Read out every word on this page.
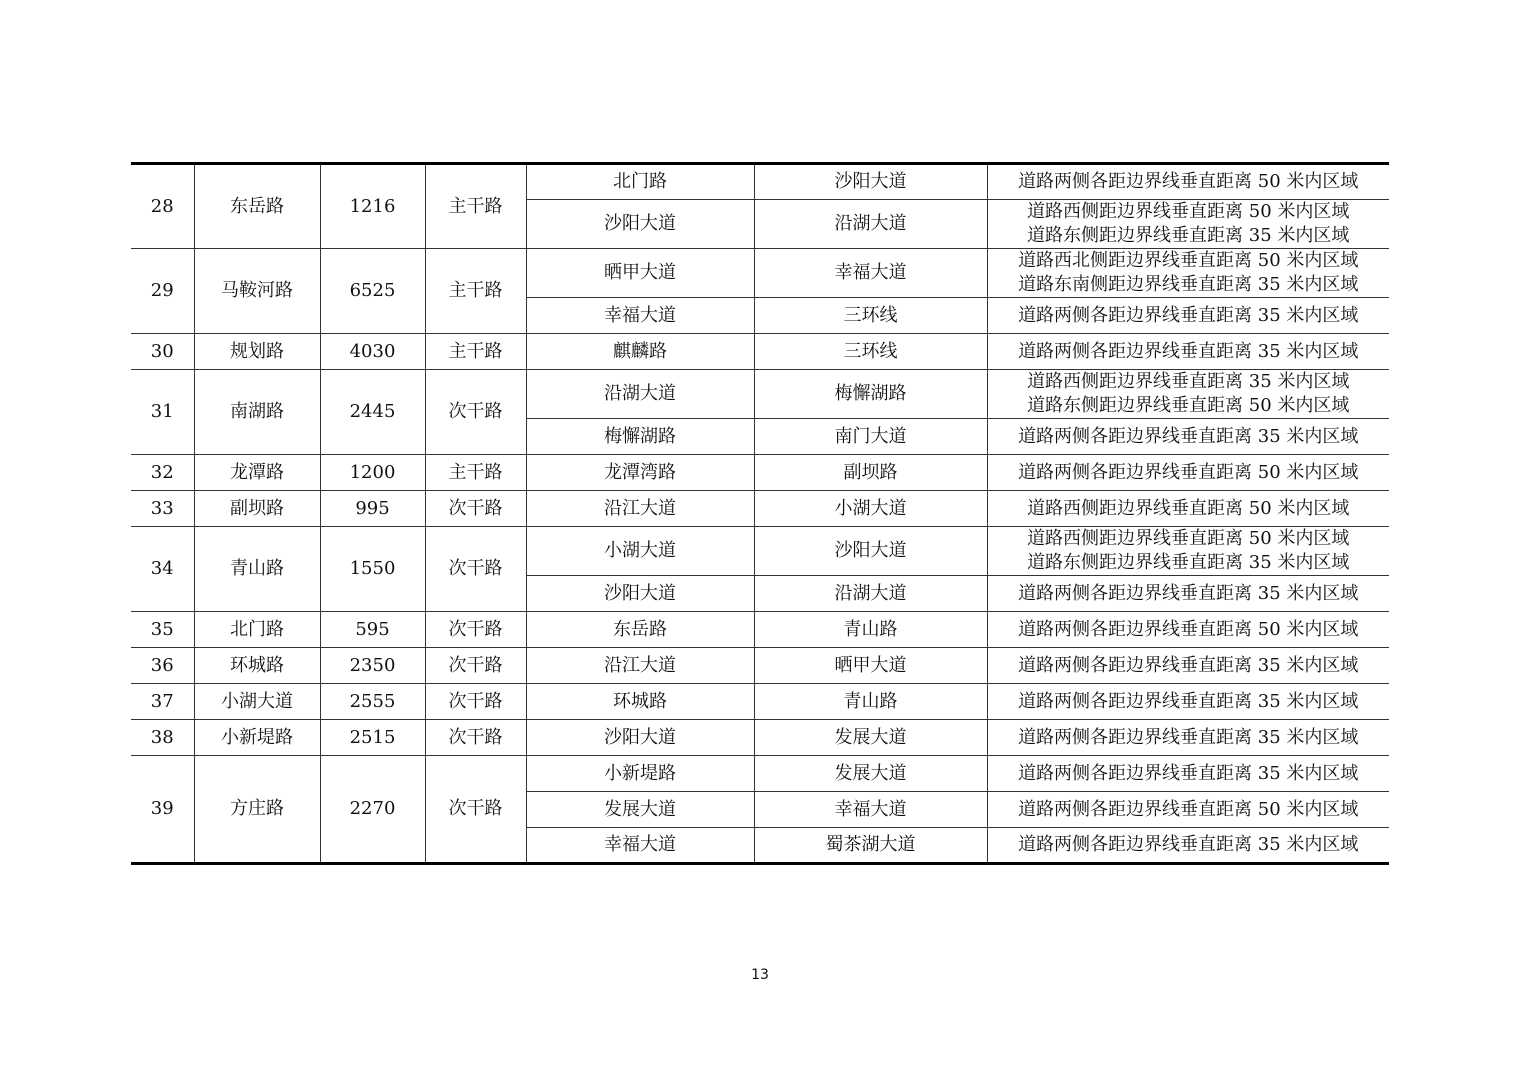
28	东岳路	1216	主干路	北门路	沙阳大道	道路两侧各距边界线垂直距离 50 米内区域

				沙阳大道	沿湖大道	道路西侧距边界线垂直距离 50 米内区域
道路东侧距边界线垂直距离 35 米内区域

29	马鞍河路	6525	主干路	晒甲大道	幸福大道	道路西北侧距边界线垂直距离 50 米内区域
道路东南侧距边界线垂直距离 35 米内区域

				幸福大道	三环线	道路两侧各距边界线垂直距离 35 米内区域

30	规划路	4030	主干路	麒麟路	三环线	道路两侧各距边界线垂直距离 35 米内区域

31	南湖路	2445	次干路	沿湖大道	梅懈湖路	道路西侧距边界线垂直距离 35 米内区域
道路东侧距边界线垂直距离 50 米内区域

				梅懈湖路	南门大道	道路两侧各距边界线垂直距离 35 米内区域

32	龙潭路	1200	主干路	龙潭湾路	副坝路	道路两侧各距边界线垂直距离 50 米内区域

33	副坝路	995	次干路	沿江大道	小湖大道	道路西侧距边界线垂直距离 50 米内区域

34	青山路	1550	次干路	小湖大道	沙阳大道	道路西侧距边界线垂直距离 50 米内区域
道路东侧距边界线垂直距离 35 米内区域

				沙阳大道	沿湖大道	道路两侧各距边界线垂直距离 35 米内区域

35	北门路	595	次干路	东岳路	青山路	道路两侧各距边界线垂直距离 50 米内区域

36	环城路	2350	次干路	沿江大道	晒甲大道	道路两侧各距边界线垂直距离 35 米内区域

37	小湖大道	2555	次干路	环城路	青山路	道路两侧各距边界线垂直距离 35 米内区域

38	小新堤路	2515	次干路	沙阳大道	发展大道	道路两侧各距边界线垂直距离 35 米内区域

39	方庄路	2270	次干路	小新堤路	发展大道	道路两侧各距边界线垂直距离 35 米内区域

				发展大道	幸福大道	道路两侧各距边界线垂直距离 50 米内区域

				幸福大道	蜀茶湖大道	道路两侧各距边界线垂直距离 35 米内区域
13
